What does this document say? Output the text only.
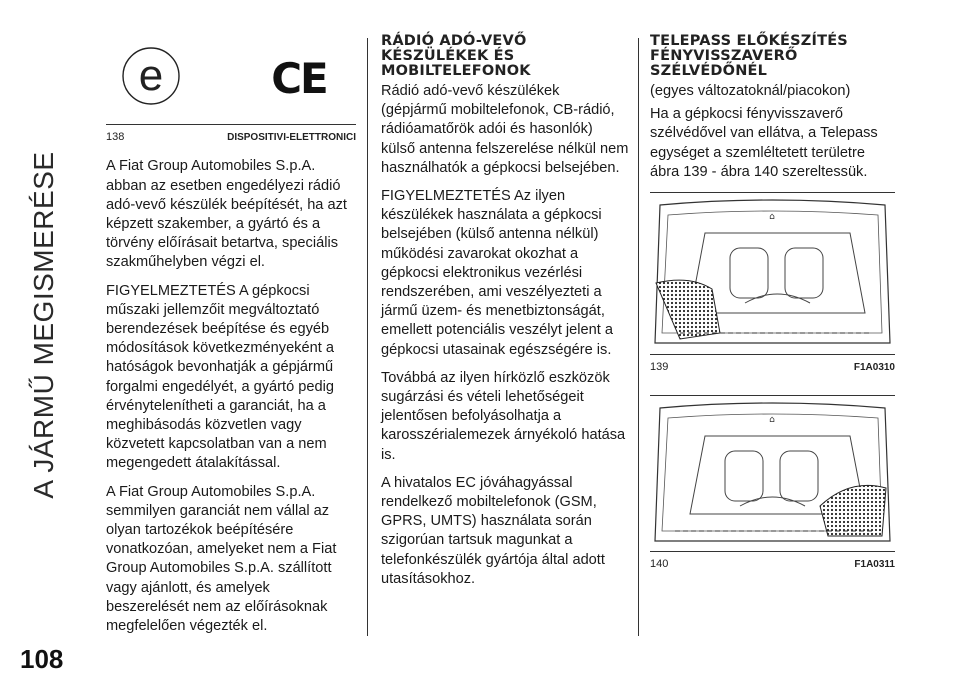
A JÁRMŰ MEGISMERÉSE
108
e	CE
138	DISPOSITIVI-ELETTRONICI

A Fiat Group Automobiles S.p.A. abban az esetben engedélyezi rádió adó-vevő készülék beépítését, ha azt képzett szakember, a gyártó és a törvény előírásait betartva, speciális szakműhelyben végzi el.

FIGYELMEZTETÉS A gépkocsi műszaki jellemzőit megváltoztató berendezések beépítése és egyéb módosítások következményeként a hatóságok bevonhatják a gépjármű forgalmi engedélyét, a gyártó pedig érvénytelenítheti a garanciát, ha a meghibásodás közvetlen vagy közvetett kapcsolatban van a nem megengedett átalakítással.

A Fiat Group Automobiles S.p.A. semmilyen garanciát nem vállal az olyan tartozékok beépítésére vonatkozóan, amelyeket nem a Fiat Group Automobiles S.p.A. szállított vagy ajánlott, és amelyek beszerelését nem az előírásoknak megfelelően végezték el.

RÁDIÓ ADÓ-VEVŐ
KÉSZÜLÉKEK ÉS
MOBILTELEFONOK

Rádió adó-vevő készülékek (gépjármű mobiltelefonok, CB-rádió, rádióamatőrök adói és hasonlók) külső antenna felszerelése nélkül nem használhatók a gépkocsi belsejében.

FIGYELMEZTETÉS Az ilyen készülékek használata a gépkocsi belsejében (külső antenna nélkül) működési zavarokat okozhat a gépkocsi elektronikus vezérlési rendszerében, ami veszélyezteti a jármű üzem- és menetbiztonságát, emellett potenciális veszélyt jelent a gépkocsi utasainak egészségére is.

Továbbá az ilyen hírközlő eszközök sugárzási és vételi lehetőségeit jelentősen befolyásolhatja a karosszérialemezek árnyékoló hatása is.

A hivatalos EC jóváhagyással rendelkező mobiltelefonok (GSM, GPRS, UMTS) használata során szigorúan tartsuk magunkat a telefonkészülék gyártója által adott utasításokhoz.

TELEPASS ELŐKÉSZÍTÉS
FÉNYVISSZAVERŐ
SZÉLVÉDŐNÉL

(egyes változatoknál/piacokon)

Ha a gépkocsi fényvisszaverő szélvédővel van ellátva, a Telepass egységet a szemléltetett területre ábra 139 - ábra 140 szereltessük.

⌂
139	F1A0310
⌂
140	F1A0311
